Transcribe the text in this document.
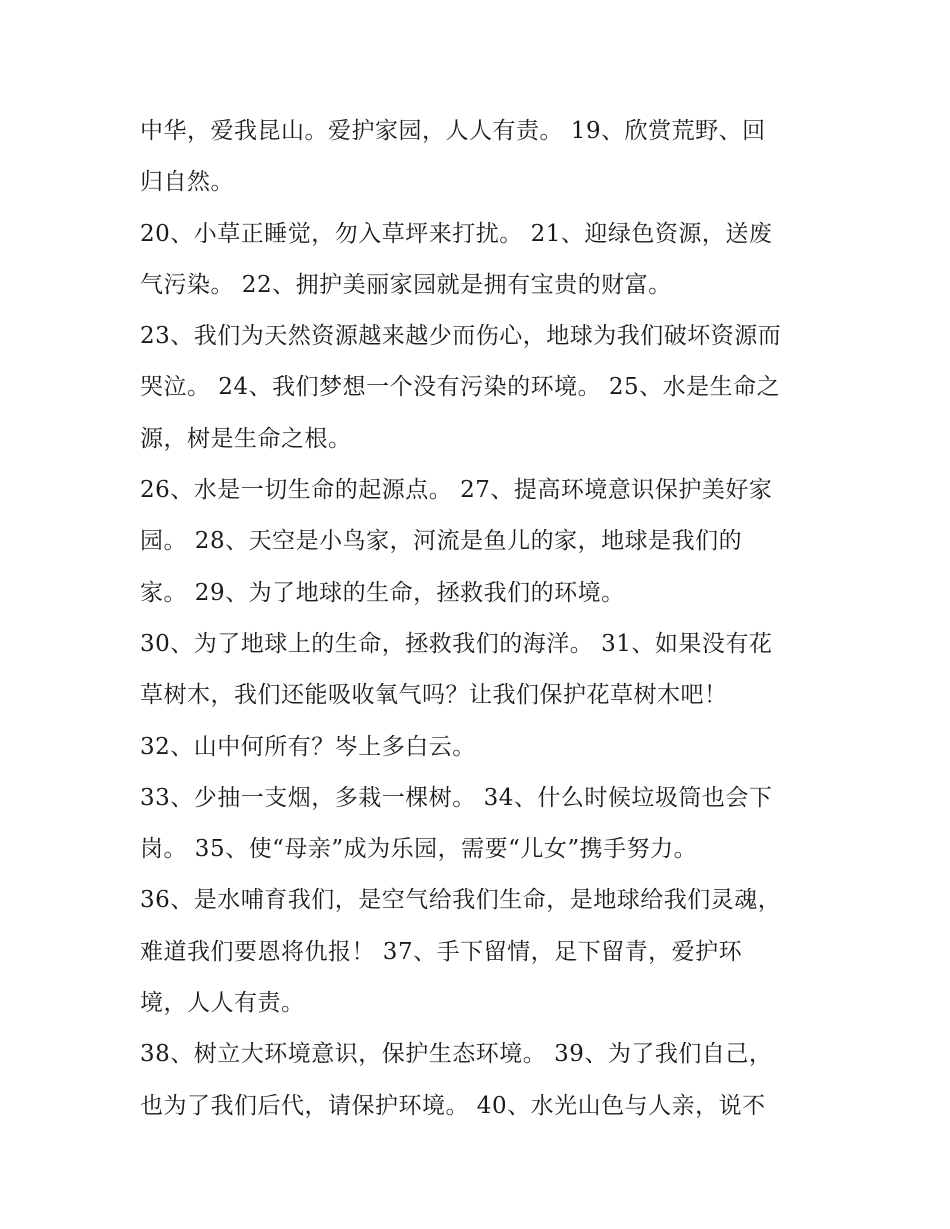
中华，爱我昆山。爱护家园，人人有责。 19、欣赏荒野、回
归自然。
20、小草正睡觉，勿入草坪来打扰。 21、迎绿色资源，送废
气污染。 22、拥护美丽家园就是拥有宝贵的财富。
23、我们为天然资源越来越少而伤心，地球为我们破坏资源而
哭泣。 24、我们梦想一个没有污染的环境。 25、水是生命之
源，树是生命之根。
26、水是一切生命的起源点。 27、提高环境意识保护美好家
园。 28、天空是小鸟家，河流是鱼儿的家，地球是我们的
家。 29、为了地球的生命，拯救我们的环境。
30、为了地球上的生命，拯救我们的海洋。 31、如果没有花
草树木，我们还能吸收氧气吗？让我们保护花草树木吧！
32、山中何所有？岑上多白云。
33、少抽一支烟，多栽一棵树。 34、什么时候垃圾筒也会下
岗。 35、使“母亲”成为乐园，需要“儿女”携手努力。
36、是水哺育我们，是空气给我们生命，是地球给我们灵魂，
难道我们要恩将仇报！ 37、手下留情，足下留青，爱护环
境，人人有责。
38、树立大环境意识，保护生态环境。 39、为了我们自己，
也为了我们后代，请保护环境。 40、水光山色与人亲，说不
